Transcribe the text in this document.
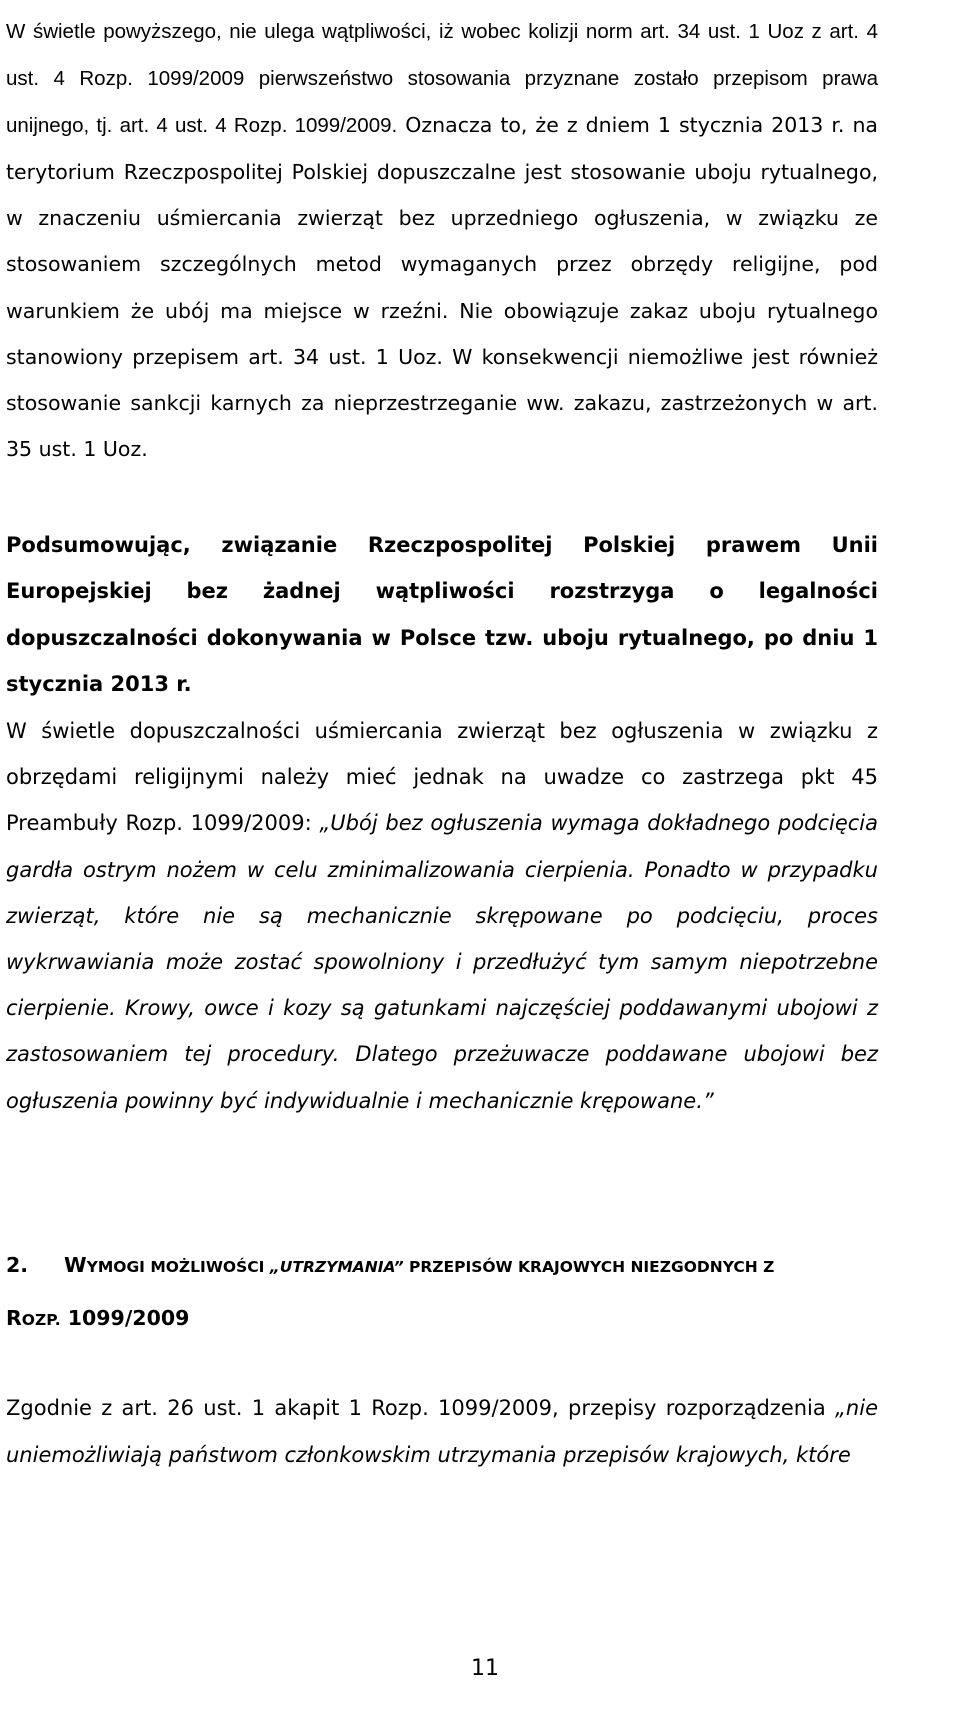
W świetle powyższego, nie ulega wątpliwości, iż wobec kolizji norm art. 34 ust. 1 Uoz z art. 4 ust. 4 Rozp. 1099/2009 pierwszeństwo stosowania przyznane zostało przepisom prawa unijnego, tj. art. 4 ust. 4 Rozp. 1099/2009. Oznacza to, że z dniem 1 stycznia 2013 r. na terytorium Rzeczpospolitej Polskiej dopuszczalne jest stosowanie uboju rytualnego, w znaczeniu uśmiercania zwierząt bez uprzedniego ogłuszenia, w związku ze stosowaniem szczególnych metod wymaganych przez obrzędy religijne, pod warunkiem że ubój ma miejsce w rzeźni. Nie obowiązuje zakaz uboju rytualnego stanowiony przepisem art. 34 ust. 1 Uoz. W konsekwencji niemożliwe jest również stosowanie sankcji karnych za nieprzestrzeganie ww. zakazu, zastrzeżonych w art. 35 ust. 1 Uoz.

Podsumowując, związanie Rzeczpospolitej Polskiej prawem Unii Europejskiej bez żadnej wątpliwości rozstrzyga o legalności dopuszczalności dokonywania w Polsce tzw. uboju rytualnego, po dniu 1 stycznia 2013 r.

W świetle dopuszczalności uśmiercania zwierząt bez ogłuszenia w związku z obrzędami religijnymi należy mieć jednak na uwadze co zastrzega pkt 45 Preambuły Rozp. 1099/2009: „Ubój bez ogłuszenia wymaga dokładnego podcięcia gardła ostrym nożem w celu zminimalizowania cierpienia. Ponadto w przypadku zwierząt, które nie są mechanicznie skrępowane po podcięciu, proces wykrwawiania może zostać spowolniony i przedłużyć tym samym niepotrzebne cierpienie. Krowy, owce i kozy są gatunkami najczęściej poddawanymi ubojowi z zastosowaniem tej procedury. Dlatego przeżuwacze poddawane ubojowi bez ogłuszenia powinny być indywidualnie i mechanicznie krępowane.”

2. WYMOGI MOŻLIWOŚCI „UTRZYMANIA” PRZEPISÓW KRAJOWYCH NIEZGODNYCH Z
ROZP. 1099/2009

Zgodnie z art. 26 ust. 1 akapit 1 Rozp. 1099/2009, przepisy rozporządzenia „nie uniemożliwiają państwom członkowskim utrzymania przepisów krajowych, które

11
